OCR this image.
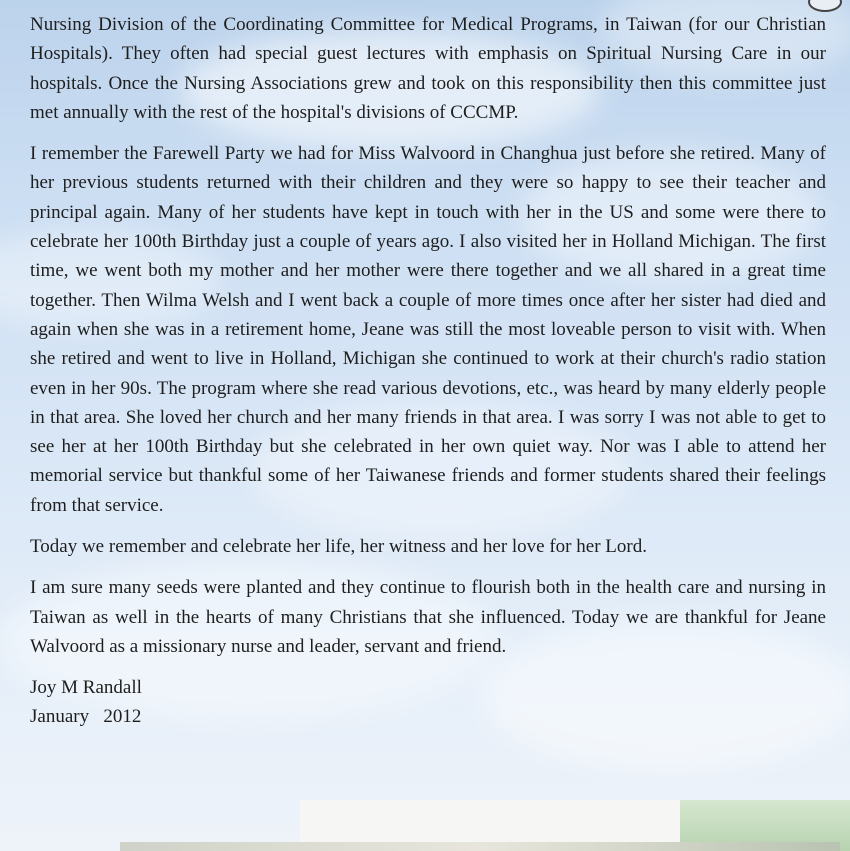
Nursing Division of the Coordinating Committee for Medical Programs, in Taiwan (for our Christian Hospitals). They often had special guest lectures with emphasis on Spiritual Nursing Care in our hospitals. Once the Nursing Associations grew and took on this responsibility then this committee just met annually with the rest of the hospital's divisions of CCCMP.

I remember the Farewell Party we had for Miss Walvoord in Changhua just before she retired. Many of her previous students returned with their children and they were so happy to see their teacher and principal again. Many of her students have kept in touch with her in the US and some were there to celebrate her 100th Birthday just a couple of years ago. I also visited her in Holland Michigan. The first time, we went both my mother and her mother were there together and we all shared in a great time together. Then Wilma Welsh and I went back a couple of more times once after her sister had died and again when she was in a retirement home, Jeane was still the most loveable person to visit with. When she retired and went to live in Holland, Michigan she continued to work at their church's radio station even in her 90s. The program where she read various devotions, etc., was heard by many elderly people in that area. She loved her church and her many friends in that area. I was sorry I was not able to get to see her at her 100th Birthday but she celebrated in her own quiet way. Nor was I able to attend her memorial service but thankful some of her Taiwanese friends and former students shared their feelings from that service.

Today we remember and celebrate her life, her witness and her love for her Lord.

I am sure many seeds were planted and they continue to flourish both in the health care and nursing in Taiwan as well in the hearts of many Christians that she influenced. Today we are thankful for Jeane Walvoord as a missionary nurse and leader, servant and friend.

Joy M Randall

January   2012
